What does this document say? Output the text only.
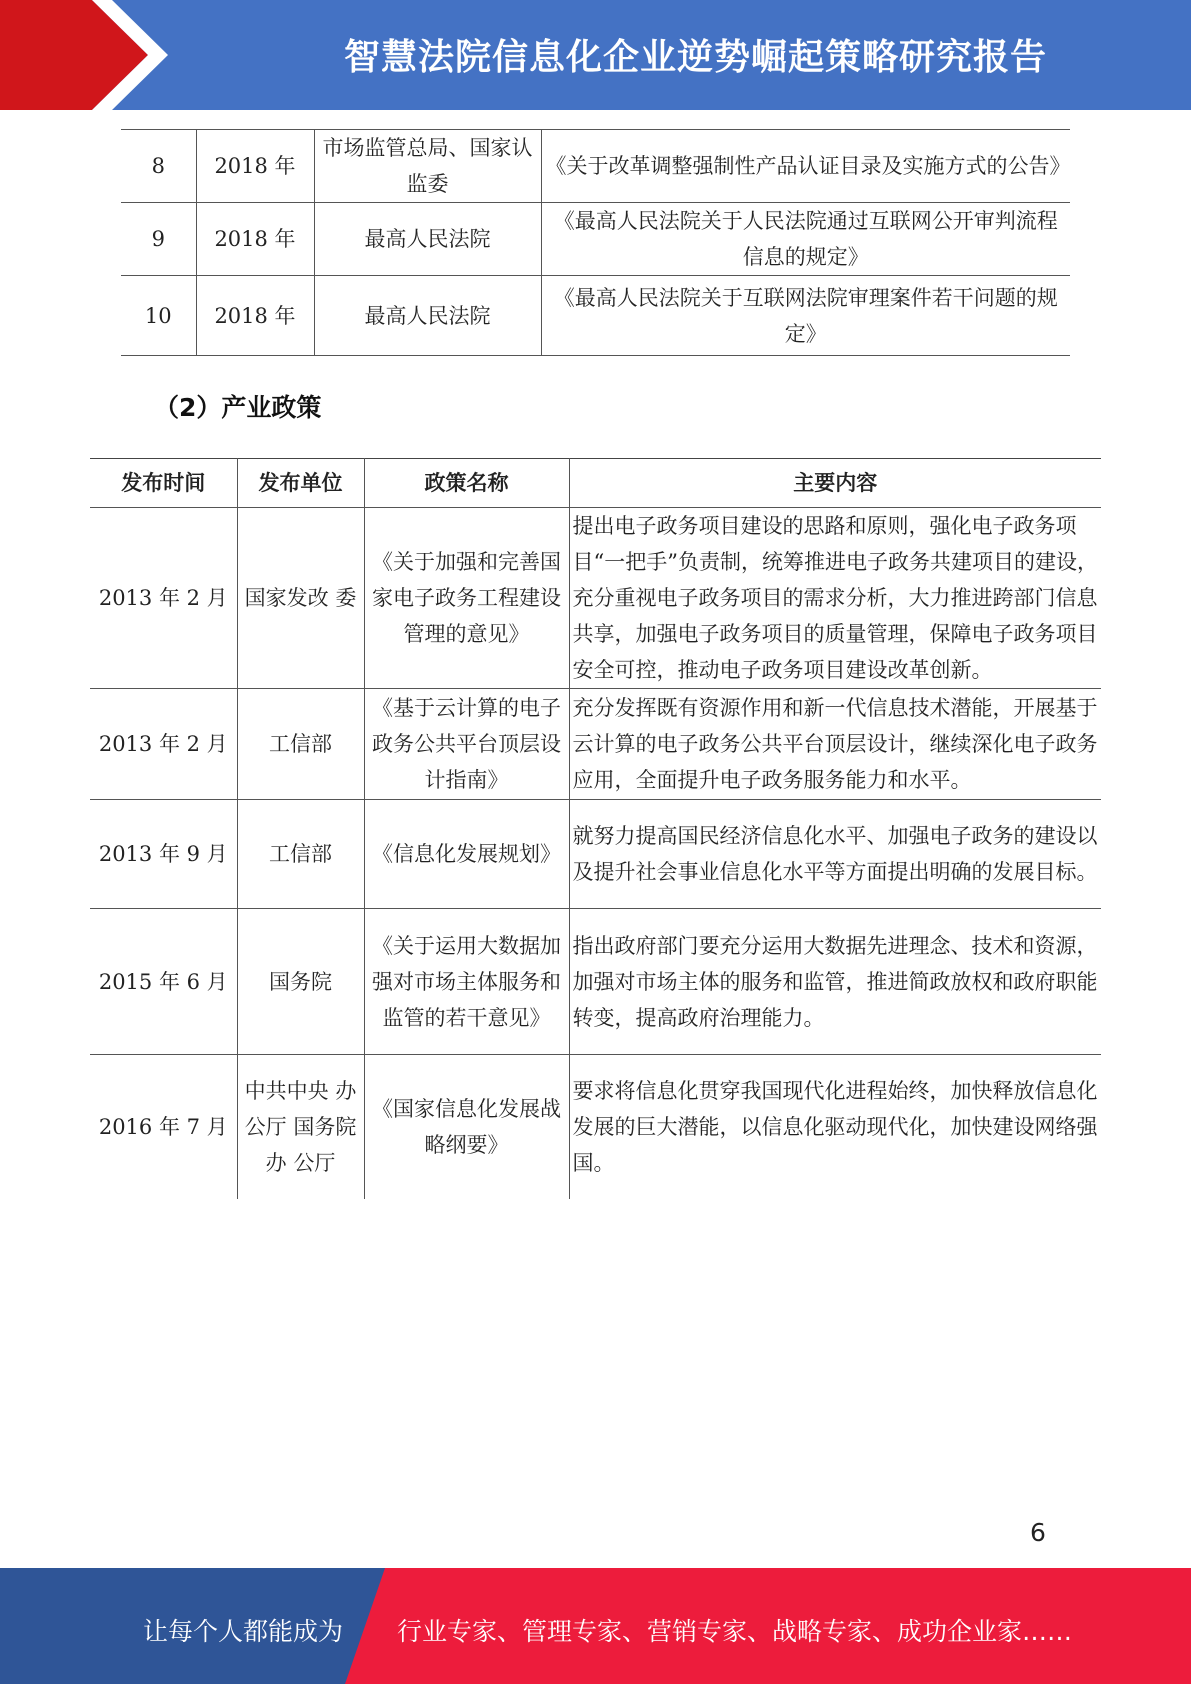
智慧法院信息化企业逆势崛起策略研究报告
8	2018 年	市场监管总局、国家认监委	《关于改革调整强制性产品认证目录及实施方式的公告》
9	2018 年	最高人民法院	《最高人民法院关于人民法院通过互联网公开审判流程信息的规定》
10	2018 年	最高人民法院	《最高人民法院关于互联网法院审理案件若干问题的规定》
（2）产业政策
发布时间	发布单位	政策名称	主要内容
2013 年 2 月	国家发改 委	《关于加强和完善国家电子政务工程建设管理的意见》	提出电子政务项目建设的思路和原则，强化电子政务项目“一把手”负责制，统筹推进电子政务共建项目的建设，充分重视电子政务项目的需求分析，大力推进跨部门信息共享，加强电子政务项目的质量管理，保障电子政务项目安全可控，推动电子政务项目建设改革创新。
2013 年 2 月	工信部	《基于云计算的电子政务公共平台顶层设计指南》	充分发挥既有资源作用和新一代信息技术潜能，开展基于云计算的电子政务公共平台顶层设计，继续深化电子政务应用，全面提升电子政务服务能力和水平。
2013 年 9 月	工信部	《信息化发展规划》	就努力提高国民经济信息化水平、加强电子政务的建设以及提升社会事业信息化水平等方面提出明确的发展目标。
2015 年 6 月	国务院	《关于运用大数据加强对市场主体服务和监管的若干意见》	指出政府部门要充分运用大数据先进理念、技术和资源，加强对市场主体的服务和监管，推进简政放权和政府职能转变，提高政府治理能力。
2016 年 7 月	中共中央 办公厅 国务院办 公厅	《国家信息化发展战略纲要》	要求将信息化贯穿我国现代化进程始终，加快释放信息化发展的巨大潜能，以信息化驱动现代化，加快建设网络强国。
6
让每个人都能成为 行业专家、管理专家、营销专家、战略专家、成功企业家……
